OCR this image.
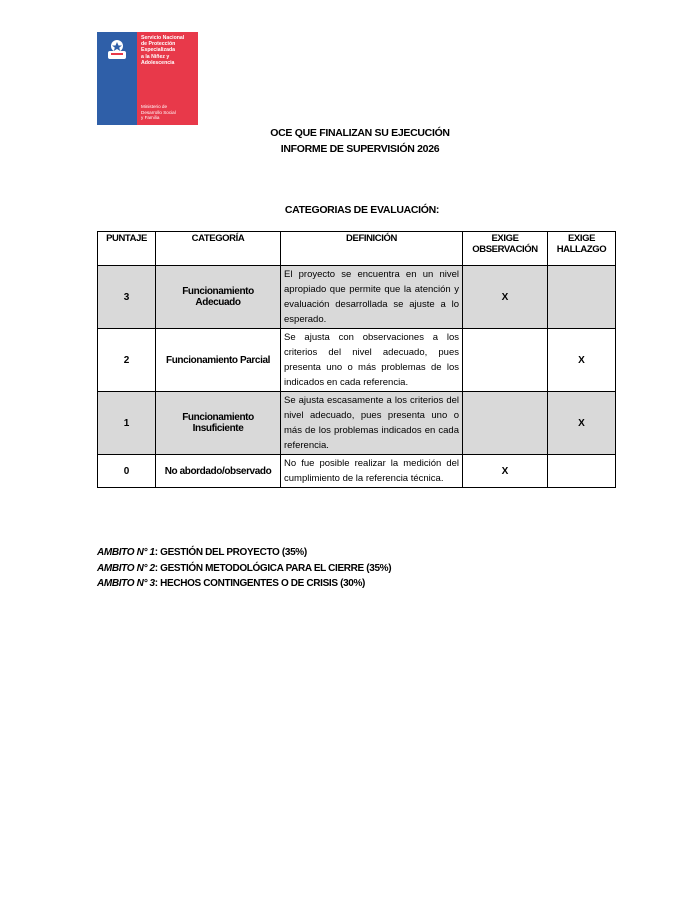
Servicio Nacional
de Protección
Especializada
a la Niñez y
Adolescencia
Ministerio de
Desarrollo Social
y Familia
OCE QUE FINALIZAN SU EJECUCIÓN
INFORME DE SUPERVISIÓN 2026
CATEGORIAS DE EVALUACIÓN:
PUNTAJE	CATEGORÍA	DEFINICIÓN	EXIGE OBSERVACIÓN	EXIGE HALLAZGO
3	Funcionamiento Adecuado	El proyecto se encuentra en un nivel apropiado que permite que la atención y evaluación desarrollada se ajuste a lo esperado.	X	
2	Funcionamiento Parcial	Se ajusta con observaciones a los criterios del nivel adecuado, pues presenta uno o más problemas de los indicados en cada referencia.		X
1	Funcionamiento Insuficiente	Se ajusta escasamente a los criterios del nivel adecuado, pues presenta uno o más de los problemas indicados en cada referencia.		X
0	No abordado/observado	No fue posible realizar la medición del cumplimiento de la referencia técnica.	X	
AMBITO N° 1: GESTIÓN DEL PROYECTO (35%)
AMBITO N° 2: GESTIÓN METODOLÓGICA PARA EL CIERRE (35%)
AMBITO N° 3: HECHOS CONTINGENTES O DE CRISIS (30%)
